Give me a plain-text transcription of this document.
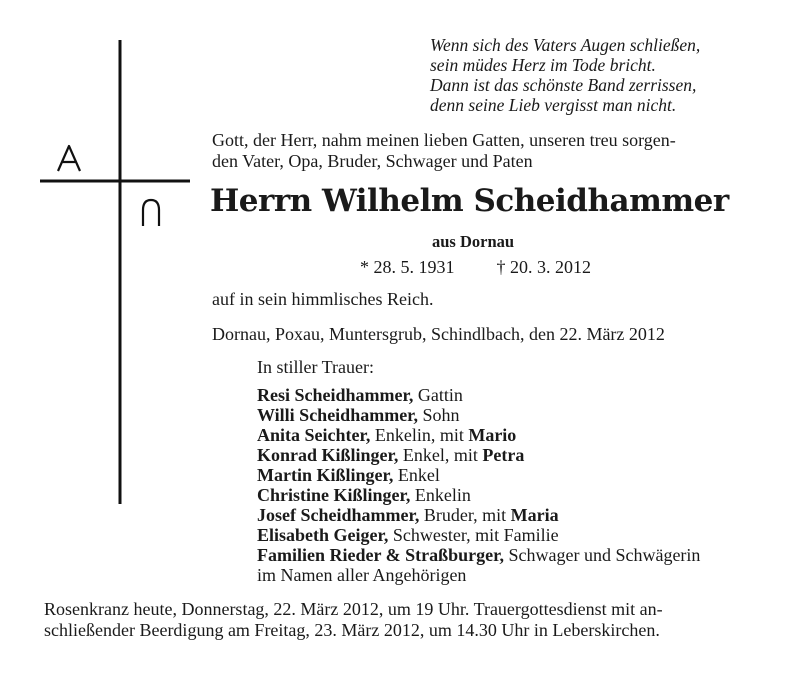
Wenn sich des Vaters Augen schließen,
sein müdes Herz im Tode bricht.
Dann ist das schönste Band zerrissen,
denn seine Lieb vergisst man nicht.
Gott, der Herr, nahm meinen lieben Gatten, unseren treu sorgen-
den Vater, Opa, Bruder, Schwager und Paten
Herrn Wilhelm Scheidhammer
aus Dornau
* 28. 5. 1931 † 20. 3. 2012
auf in sein himmlisches Reich.
Dornau, Poxau, Muntersgrub, Schindlbach, den 22. März 2012
In stiller Trauer:
Resi Scheidhammer, Gattin
Willi Scheidhammer, Sohn
Anita Seichter, Enkelin, mit Mario
Konrad Kißlinger, Enkel, mit Petra
Martin Kißlinger, Enkel
Christine Kißlinger, Enkelin
Josef Scheidhammer, Bruder, mit Maria
Elisabeth Geiger, Schwester, mit Familie
Familien Rieder & Straßburger, Schwager und Schwägerin
im Namen aller Angehörigen
Rosenkranz heute, Donnerstag, 22. März 2012, um 19 Uhr. Trauergottesdienst mit an-
schließender Beerdigung am Freitag, 23. März 2012, um 14.30 Uhr in Leberskirchen.
